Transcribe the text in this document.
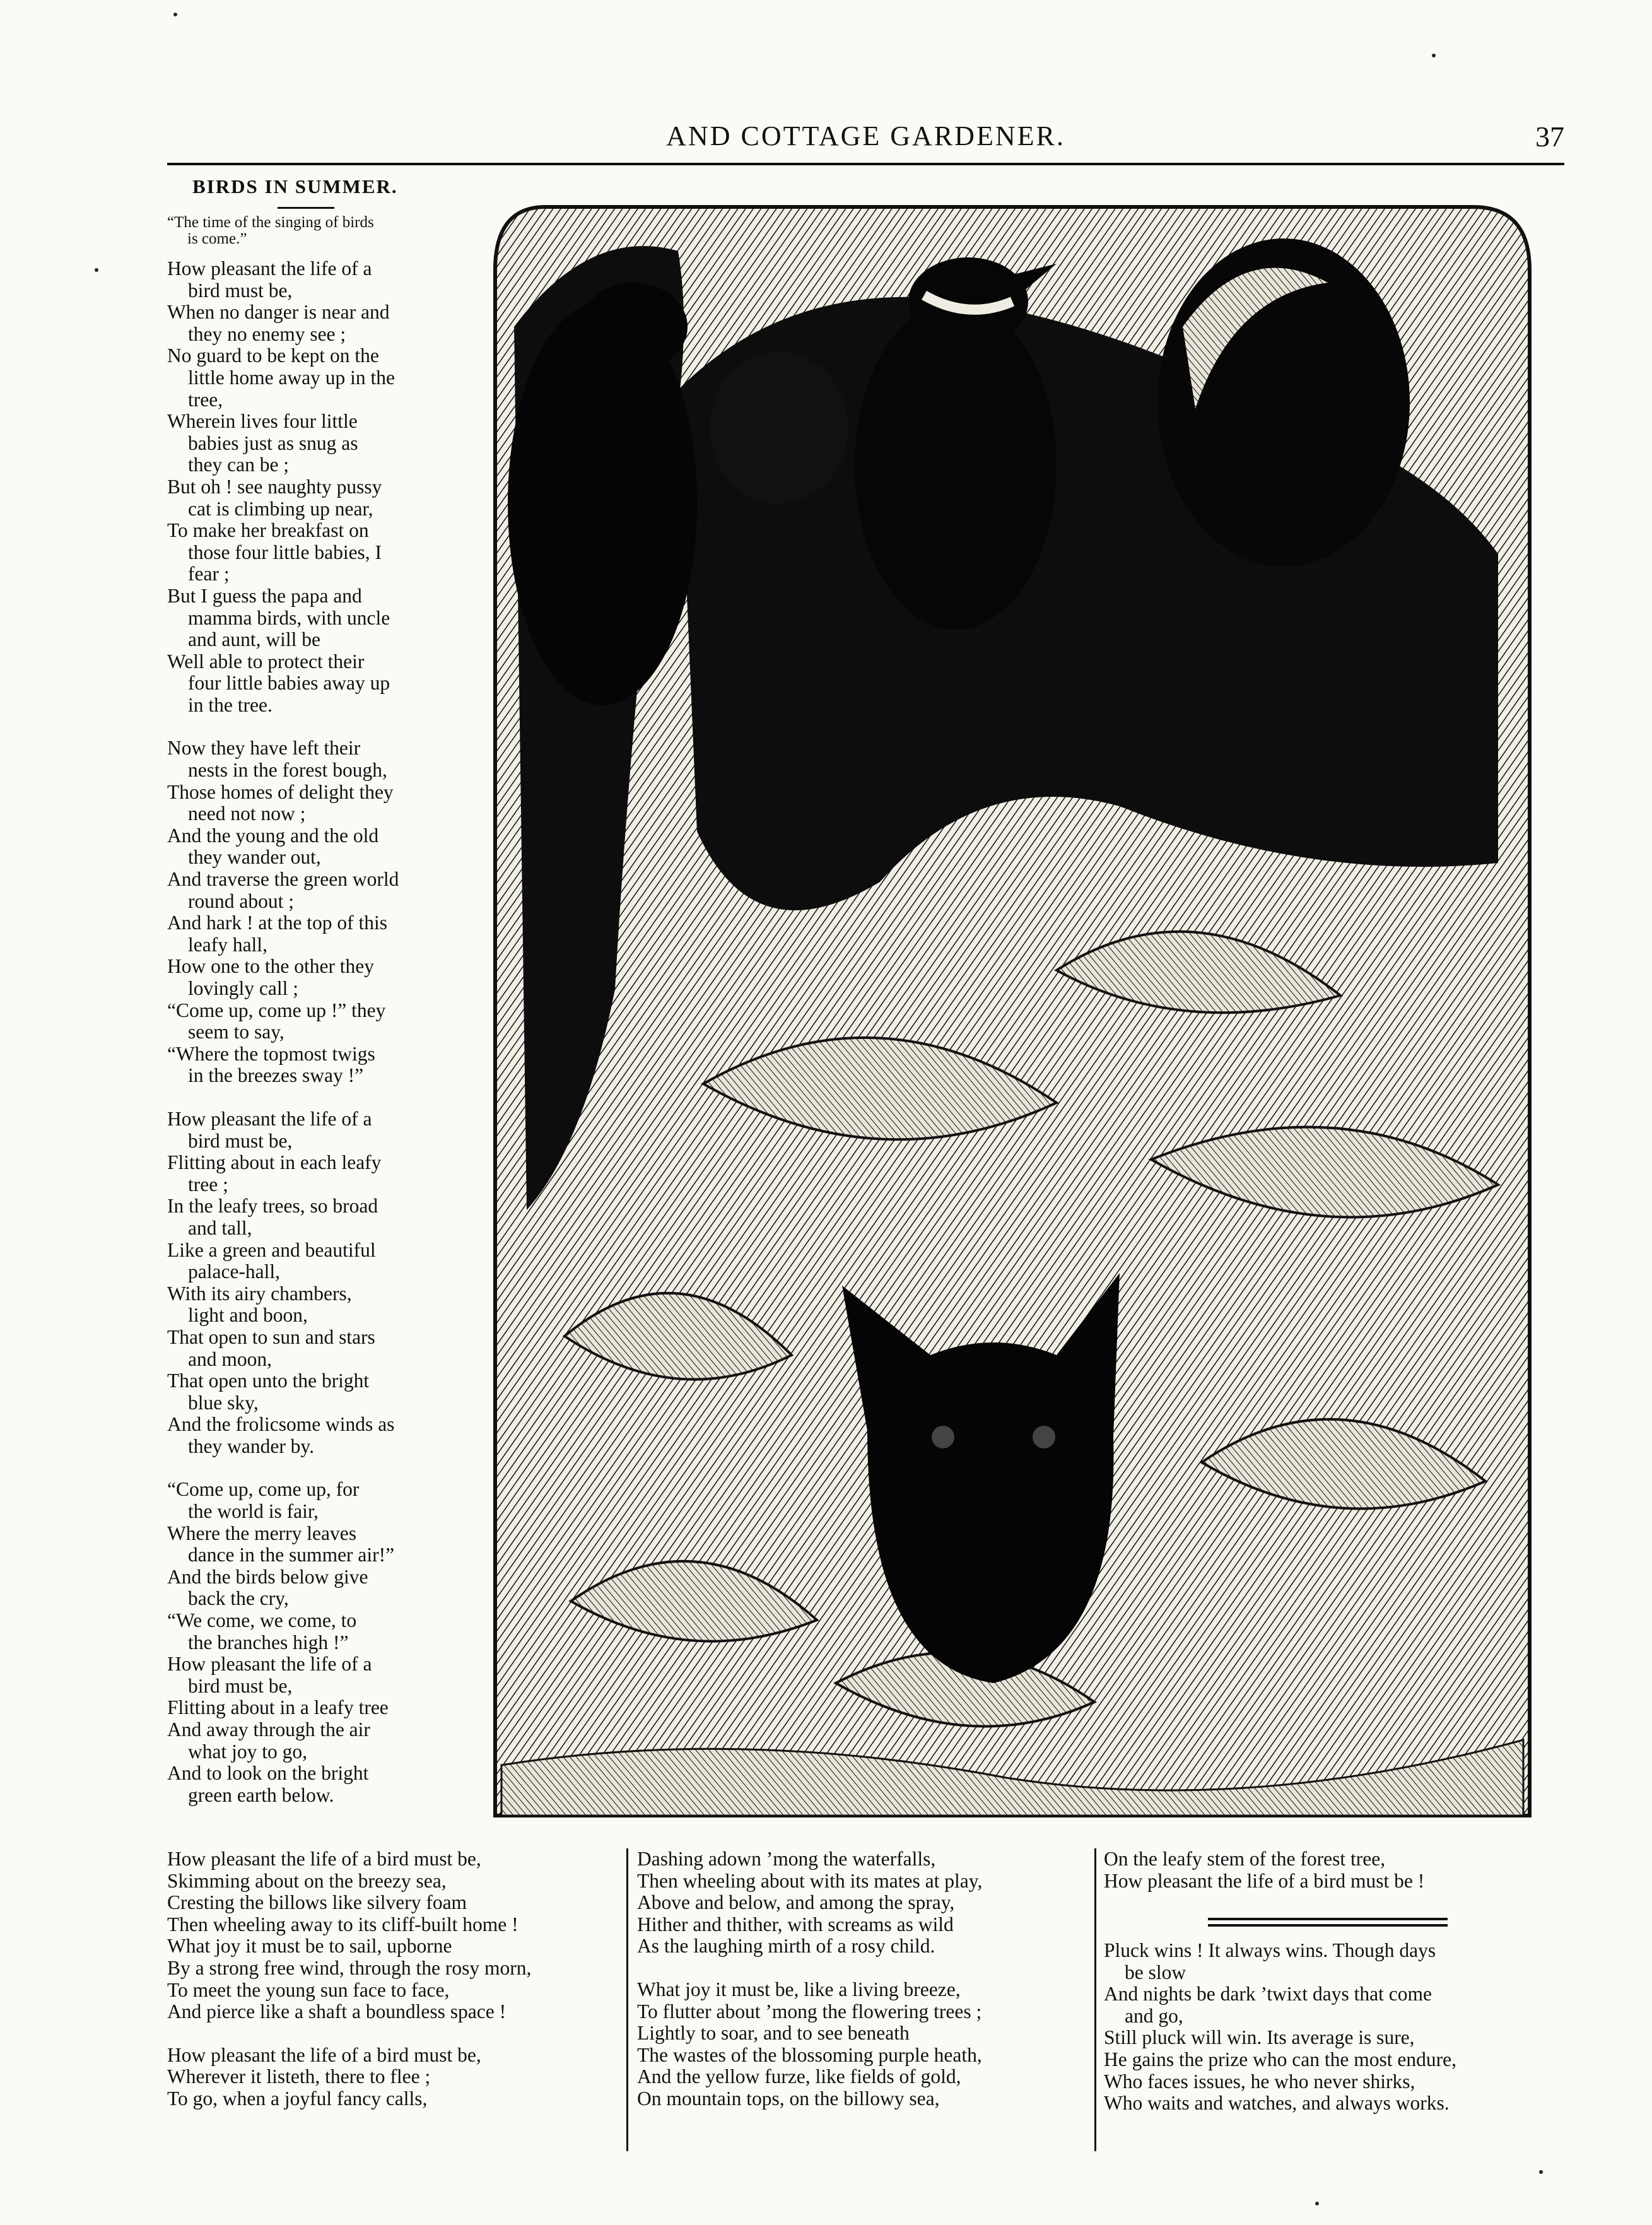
AND COTTAGE GARDENER.	37
BIRDS IN SUMMER.
“The time of the singing of birds
is come.”
How pleasant the life of a
bird must be,
When no danger is near and
they no enemy see ;
No guard to be kept on the
little home away up in the
tree,
Wherein lives four little
babies just as snug as
they can be ;
But oh ! see naughty pussy
cat is climbing up near,
To make her breakfast on
those four little babies, I
fear ;
But I guess the papa and
mamma birds, with uncle
and aunt, will be
Well able to protect their
four little babies away up
in the tree.
Now they have left their
nests in the forest bough,
Those homes of delight they
need not now ;
And the young and the old
they wander out,
And traverse the green world
round about ;
And hark ! at the top of this
leafy hall,
How one to the other they
lovingly call ;
“Come up, come up !” they
seem to say,
“Where the topmost twigs
in the breezes sway !”
How pleasant the life of a
bird must be,
Flitting about in each leafy
tree ;
In the leafy trees, so broad
and tall,
Like a green and beautiful
palace-hall,
With its airy chambers,
light and boon,
That open to sun and stars
and moon,
That open unto the bright
blue sky,
And the frolicsome winds as
they wander by.
“Come up, come up, for
the world is fair,
Where the merry leaves
dance in the summer air!”
And the birds below give
back the cry,
“We come, we come, to
the branches high !”
How pleasant the life of a
bird must be,
Flitting about in a leafy tree
And away through the air
what joy to go,
And to look on the bright
green earth below.
How pleasant the life of a bird must be,
Skimming about on the breezy sea,
Cresting the billows like silvery foam
Then wheeling away to its cliff-built home !
What joy it must be to sail, upborne
By a strong free wind, through the rosy morn,
To meet the young sun face to face,
And pierce like a shaft a boundless space !
How pleasant the life of a bird must be,
Wherever it listeth, there to flee ;
To go, when a joyful fancy calls,
Dashing adown ’mong the waterfalls,
Then wheeling about with its mates at play,
Above and below, and among the spray,
Hither and thither, with screams as wild
As the laughing mirth of a rosy child.
What joy it must be, like a living breeze,
To flutter about ’mong the flowering trees ;
Lightly to soar, and to see beneath
The wastes of the blossoming purple heath,
And the yellow furze, like fields of gold,
On mountain tops, on the billowy sea,
On the leafy stem of the forest tree,
How pleasant the life of a bird must be !
Pluck wins ! It always wins. Though days
be slow
And nights be dark ’twixt days that come
and go,
Still pluck will win. Its average is sure,
He gains the prize who can the most endure,
Who faces issues, he who never shirks,
Who waits and watches, and always works.
